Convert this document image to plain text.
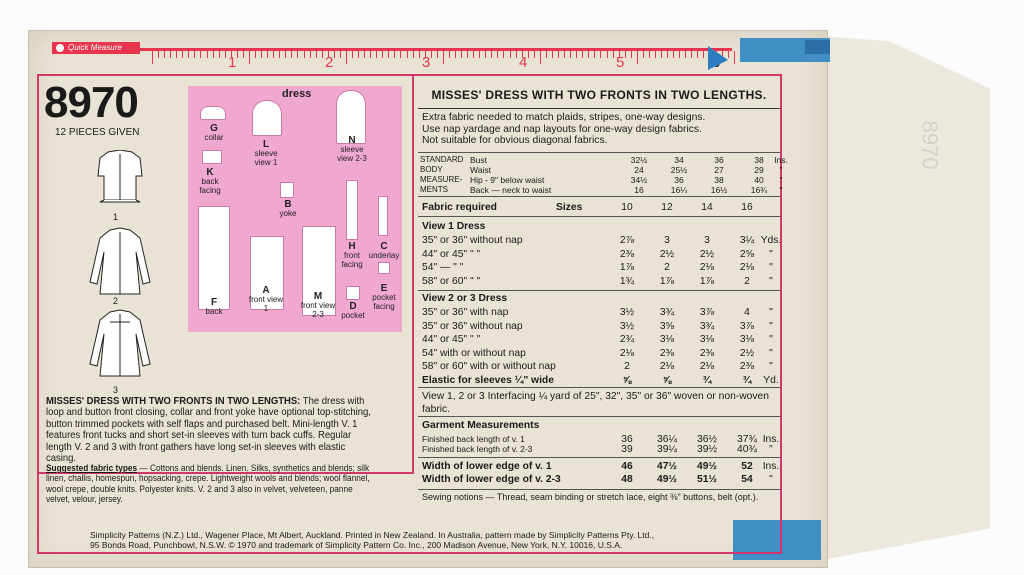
8970
Quick Measure
1	2	3	4	5	6
8970
12 PIECES GIVEN
1
2
3
dress
G
collar
L
sleeve view 1
N
sleeve view 2-3
K
back facing
B
yoke
H
front facing
C
underlay
F
back
A
front view 1
M
front view 2-3
D
pocket
E
pocket facing
MISSES' DRESS WITH TWO FRONTS IN TWO LENGTHS: The dress with loop and button front closing, collar and front yoke have optional top-stitching, button trimmed pockets with self flaps and purchased belt. Mini-length V. 1 features front tucks and short set-in sleeves with turn back cuffs. Regular length V. 2 and 3 with front gathers have long set-in sleeves with elastic casing.
Suggested fabric types — Cottons and blends. Linen. Silks, synthetics and blends; silk linen, challis, homespun, hopsacking, crepe. Lightweight wools and blends; wool flannel, wool crepe, double knits. Polyester knits. V. 2 and 3 also in velvet, velveteen, panne velvet, velour, jersey.
MISSES' DRESS WITH TWO FRONTS IN TWO LENGTHS.
Extra fabric needed to match plaids, stripes, one-way designs.
Use nap yardage and nap layouts for one-way design fabrics.
Not suitable for obvious diagonal fabrics.
STANDARD
BODY
MEASURE-
MENTS
Bust	32½	34	36	38	Ins.
Waist	24	25½	27	29	"
Hip - 9" below waist	34½	36	38	40	"
Back — neck to waist	16	16¼	16½	16¾	"
Fabric required	Sizes	10	12	14	16
View 1 Dress
35" or 36" without nap	2⅞	3	3	3¼ Yds.
44" or 45" " "	2⅜	2½	2½	2⅝	"
54" — " "	1⅞	2	2⅛	2⅛	"
58" or 60" " "	1¾	1⅞	1⅞	2	"
View 2 or 3 Dress
35" or 36" with nap	3½	3¾	3⅞	4	"
35" or 36" without nap	3½	3⅝	3¾	3⅞	"
44" or 45" " "	2¾	3⅛	3⅛	3⅛	"
54" with or without nap	2⅛	2⅜	2⅜	2½	"
58" or 60" with or without nap	2	2⅛	2⅛	2⅜	"
Elastic for sleeves ¼" wide	⅝	⅝	¾	¾	Yd.
View 1, 2 or 3 Interfacing ¼ yard of 25", 32", 35" or 36" woven or non-woven fabric.
Garment Measurements
Finished back length of v. 1	36	36¼	36½	37¾ Ins.
Finished back length of v. 2-3	39	39¼	39½	40¾	"
Width of lower edge of v. 1	46	47½	49½	52 Ins.
Width of lower edge of v. 2-3	48	49½	51½	54	"
Sewing notions — Thread, seam binding or stretch lace, eight ⅜" buttons, belt (opt.).
Simplicity Patterns (N.Z.) Ltd., Wagener Place, Mt Albert, Auckland. Printed in New Zealand. In Australia, pattern made by Simplicity Patterns Pty. Ltd.,
95 Bonds Road, Punchbowl, N.S.W. © 1970 and trademark of Simplicity Pattern Co. Inc., 200 Madison Avenue, New York, N.Y. 10016, U.S.A.
